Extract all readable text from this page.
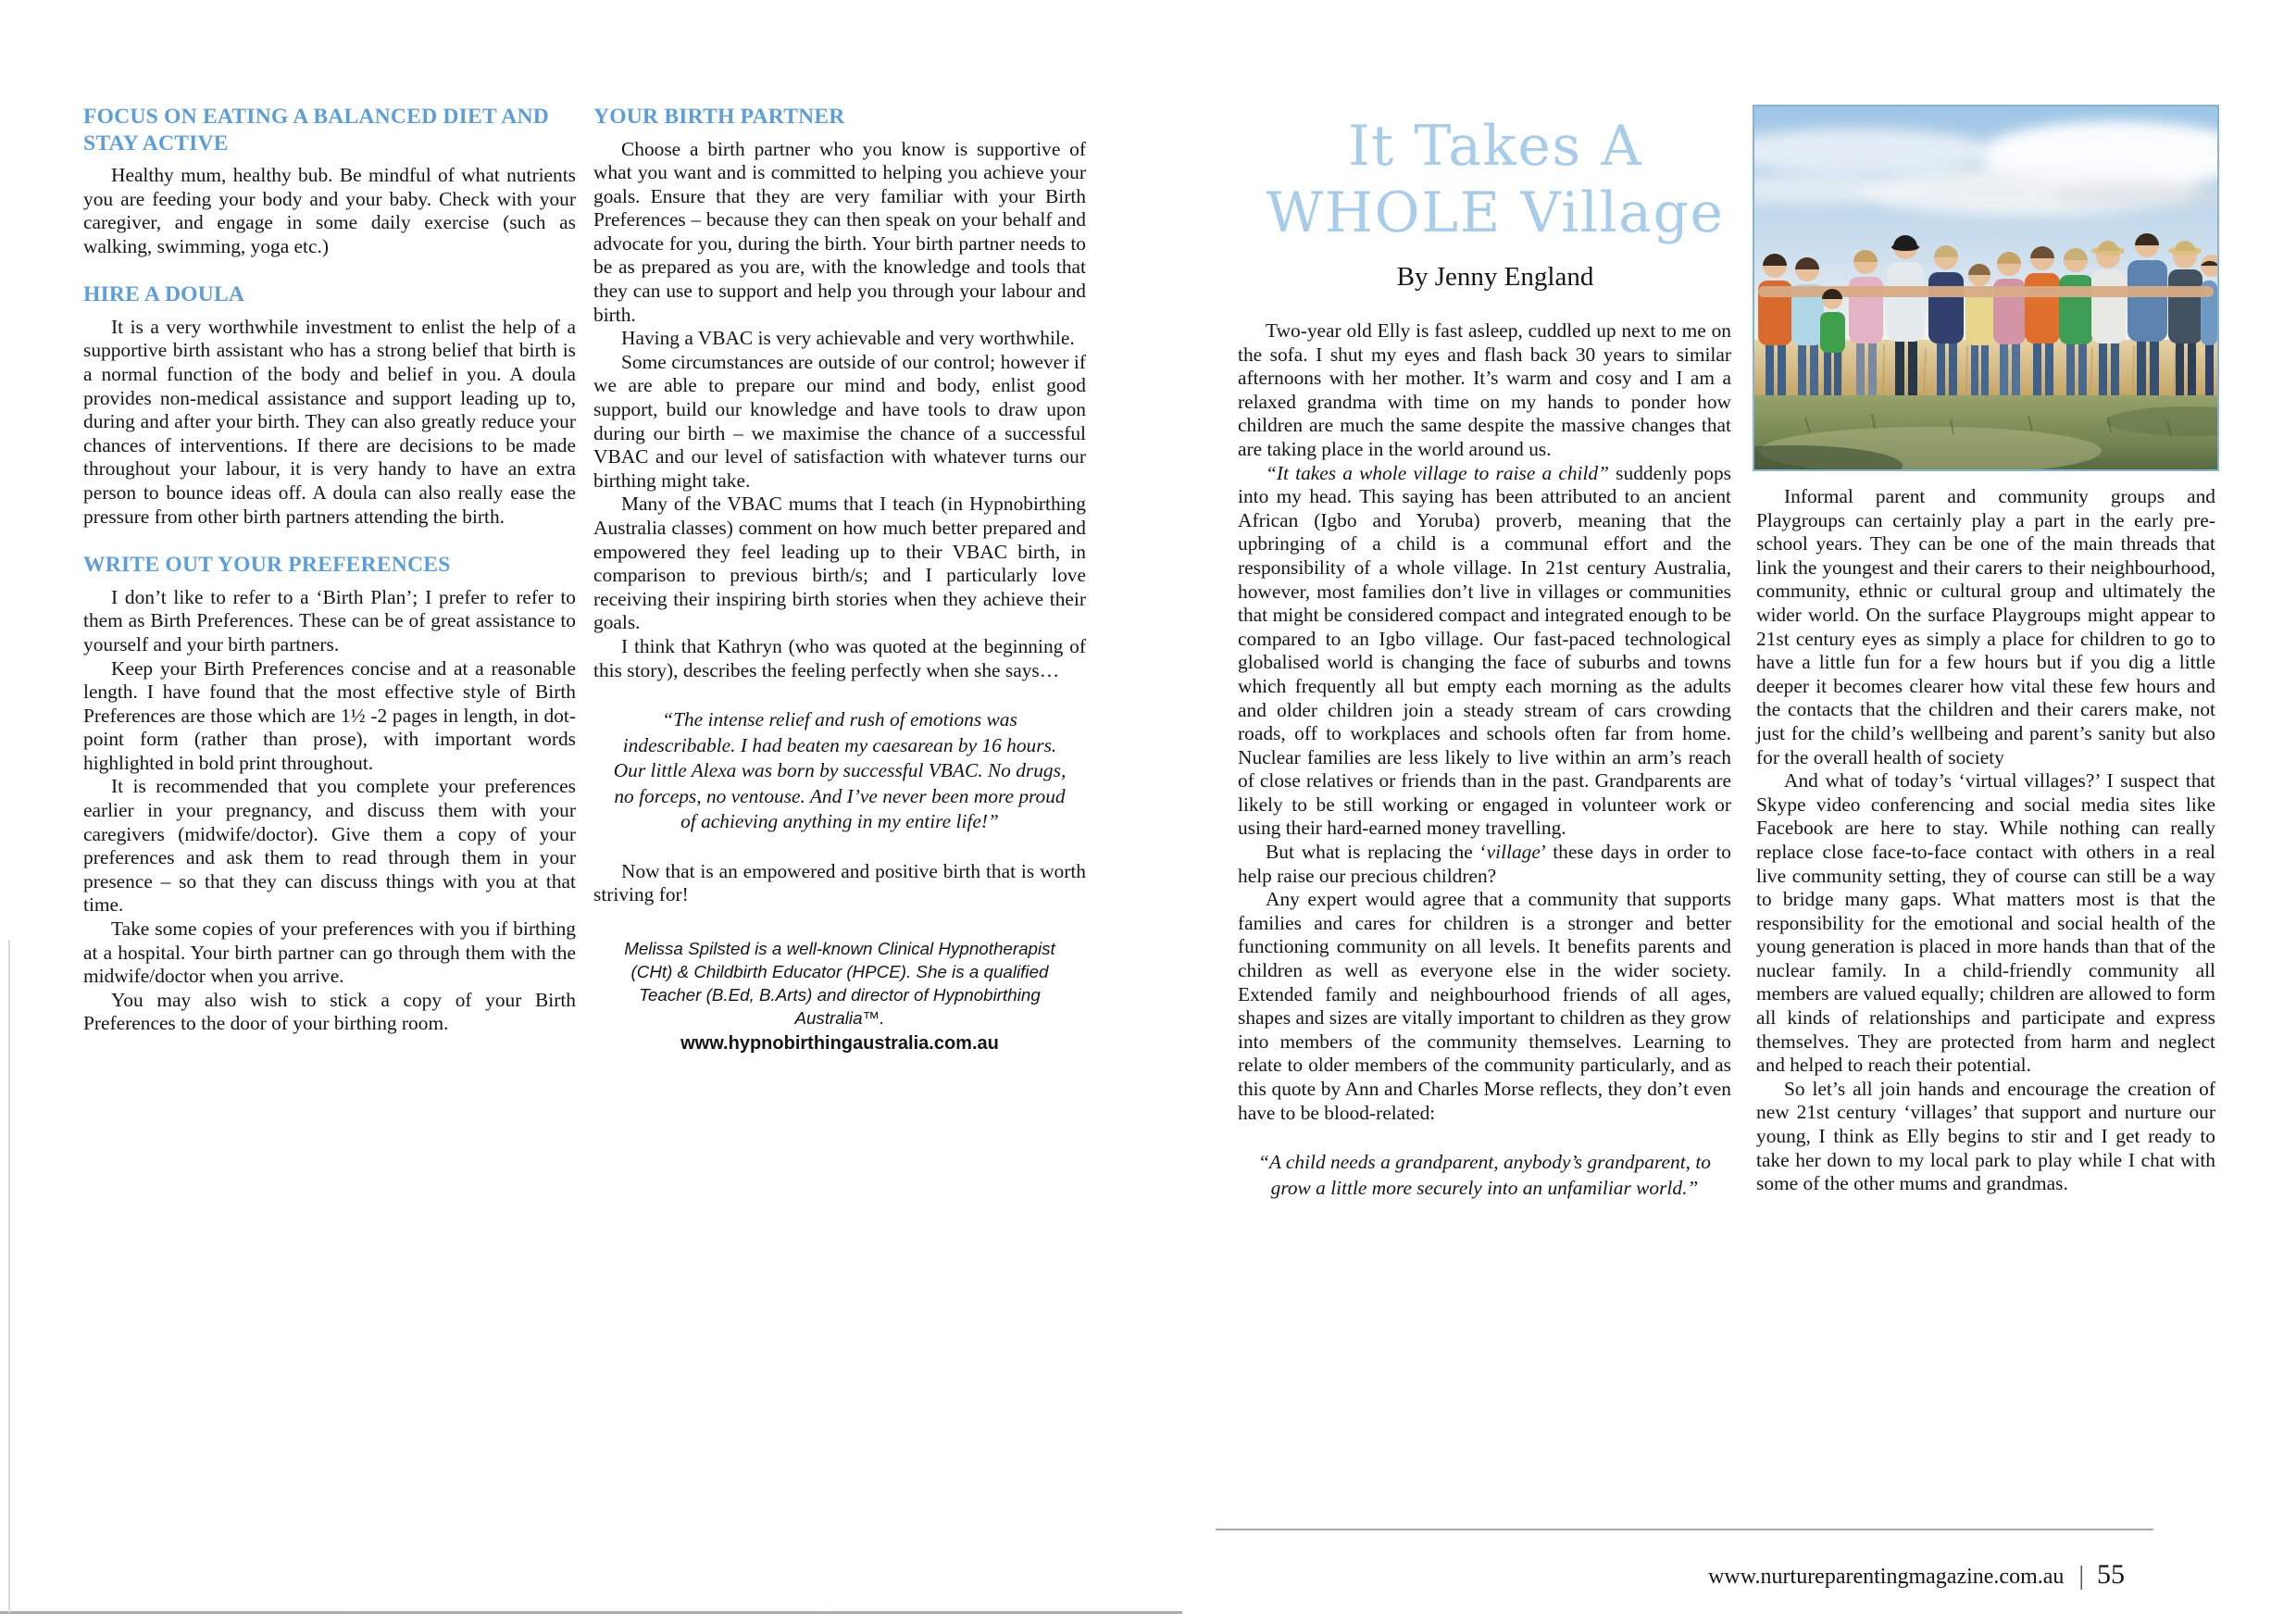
FOCUS ON EATING A BALANCED DIET AND STAY ACTIVE

Healthy mum, healthy bub. Be mindful of what nutrients you are feeding your body and your baby. Check with your caregiver, and engage in some daily exercise (such as walking, swimming, yoga etc.)

HIRE A DOULA

It is a very worthwhile investment to enlist the help of a supportive birth assistant who has a strong belief that birth is a normal function of the body and belief in you. A doula provides non-medical assistance and support leading up to, during and after your birth. They can also greatly reduce your chances of interventions. If there are decisions to be made throughout your labour, it is very handy to have an extra person to bounce ideas off. A doula can also really ease the pressure from other birth partners attending the birth.

WRITE OUT YOUR PREFERENCES

I don’t like to refer to a ‘Birth Plan’; I prefer to refer to them as Birth Preferences. These can be of great assistance to yourself and your birth partners.

Keep your Birth Preferences concise and at a reasonable length. I have found that the most effective style of Birth Preferences are those which are 1½ -2 pages in length, in dot-point form (rather than prose), with important words highlighted in bold print throughout.

It is recommended that you complete your preferences earlier in your pregnancy, and discuss them with your caregivers (midwife/doctor). Give them a copy of your preferences and ask them to read through them in your presence – so that they can discuss things with you at that time.

Take some copies of your preferences with you if birthing at a hospital. Your birth partner can go through them with the midwife/doctor when you arrive.

You may also wish to stick a copy of your Birth Preferences to the door of your birthing room.

YOUR BIRTH PARTNER

Choose a birth partner who you know is supportive of what you want and is committed to helping you achieve your goals. Ensure that they are very familiar with your Birth Preferences – because they can then speak on your behalf and advocate for you, during the birth. Your birth partner needs to be as prepared as you are, with the knowledge and tools that they can use to support and help you through your labour and birth.

Having a VBAC is very achievable and very worthwhile.

Some circumstances are outside of our control; however if we are able to prepare our mind and body, enlist good support, build our knowledge and have tools to draw upon during our birth – we maximise the chance of a successful VBAC and our level of satisfaction with whatever turns our birthing might take.

Many of the VBAC mums that I teach (in Hypnobirthing Australia classes) comment on how much better prepared and empowered they feel leading up to their VBAC birth, in comparison to previous birth/s; and I particularly love receiving their inspiring birth stories when they achieve their goals.

I think that Kathryn (who was quoted at the beginning of this story), describes the feeling perfectly when she says…

“The intense relief and rush of emotions was indescribable. I had beaten my caesarean by 16 hours. Our little Alexa was born by successful VBAC. No drugs, no forceps, no ventouse. And I’ve never been more proud of achieving anything in my entire life!”

Now that is an empowered and positive birth that is worth striving for!

Melissa Spilsted is a well-known Clinical Hypnotherapist (CHt) & Childbirth Educator (HPCE). She is a qualified Teacher (B.Ed, B.Arts) and director of Hypnobirthing Australia™.
www.hypnobirthingaustralia.com.au
It Takes A
WHOLE Village
By Jenny England

Two-year old Elly is fast asleep, cuddled up next to me on the sofa. I shut my eyes and flash back 30 years to similar afternoons with her mother. It’s warm and cosy and I am a relaxed grandma with time on my hands to ponder how children are much the same despite the massive changes that are taking place in the world around us.

“It takes a whole village to raise a child” suddenly pops into my head. This saying has been attributed to an ancient African (Igbo and Yoruba) proverb, meaning that the upbringing of a child is a communal effort and the responsibility of a whole village. In 21st century Australia, however, most families don’t live in villages or communities that might be considered compact and integrated enough to be compared to an Igbo village. Our fast-paced technological globalised world is changing the face of suburbs and towns which frequently all but empty each morning as the adults and older children join a steady stream of cars crowding roads, off to workplaces and schools often far from home. Nuclear families are less likely to live within an arm’s reach of close relatives or friends than in the past. Grandparents are likely to be still working or engaged in volunteer work or using their hard-earned money travelling.

But what is replacing the ‘village’ these days in order to help raise our precious children?

Any expert would agree that a community that supports families and cares for children is a stronger and better functioning community on all levels. It benefits parents and children as well as everyone else in the wider society. Extended family and neighbourhood friends of all ages, shapes and sizes are vitally important to children as they grow into members of the community themselves. Learning to relate to older members of the community particularly, and as this quote by Ann and Charles Morse reflects, they don’t even have to be blood-related:

“A child needs a grandparent, anybody’s grandparent, to grow a little more securely into an unfamiliar world.”

Informal parent and community groups and Playgroups can certainly play a part in the early pre-school years. They can be one of the main threads that link the youngest and their carers to their neighbourhood, community, ethnic or cultural group and ultimately the wider world. On the surface Playgroups might appear to 21st century eyes as simply a place for children to go to have a little fun for a few hours but if you dig a little deeper it becomes clearer how vital these few hours and the contacts that the children and their carers make, not just for the child’s wellbeing and parent’s sanity but also for the overall health of society

And what of today’s ‘virtual villages?’ I suspect that Skype video conferencing and social media sites like Facebook are here to stay. While nothing can really replace close face-to-face contact with others in a real live community setting, they of course can still be a way to bridge many gaps. What matters most is that the responsibility for the emotional and social health of the young generation is placed in more hands than that of the nuclear family. In a child-friendly community all members are valued equally; children are allowed to form all kinds of relationships and participate and express themselves. They are protected from harm and neglect and helped to reach their potential.

So let’s all join hands and encourage the creation of new 21st century ‘villages’ that support and nurture our young, I think as Elly begins to stir and I get ready to take her down to my local park to play while I chat with some of the other mums and grandmas.

www.nurtureparentingmagazine.com.au | 55
